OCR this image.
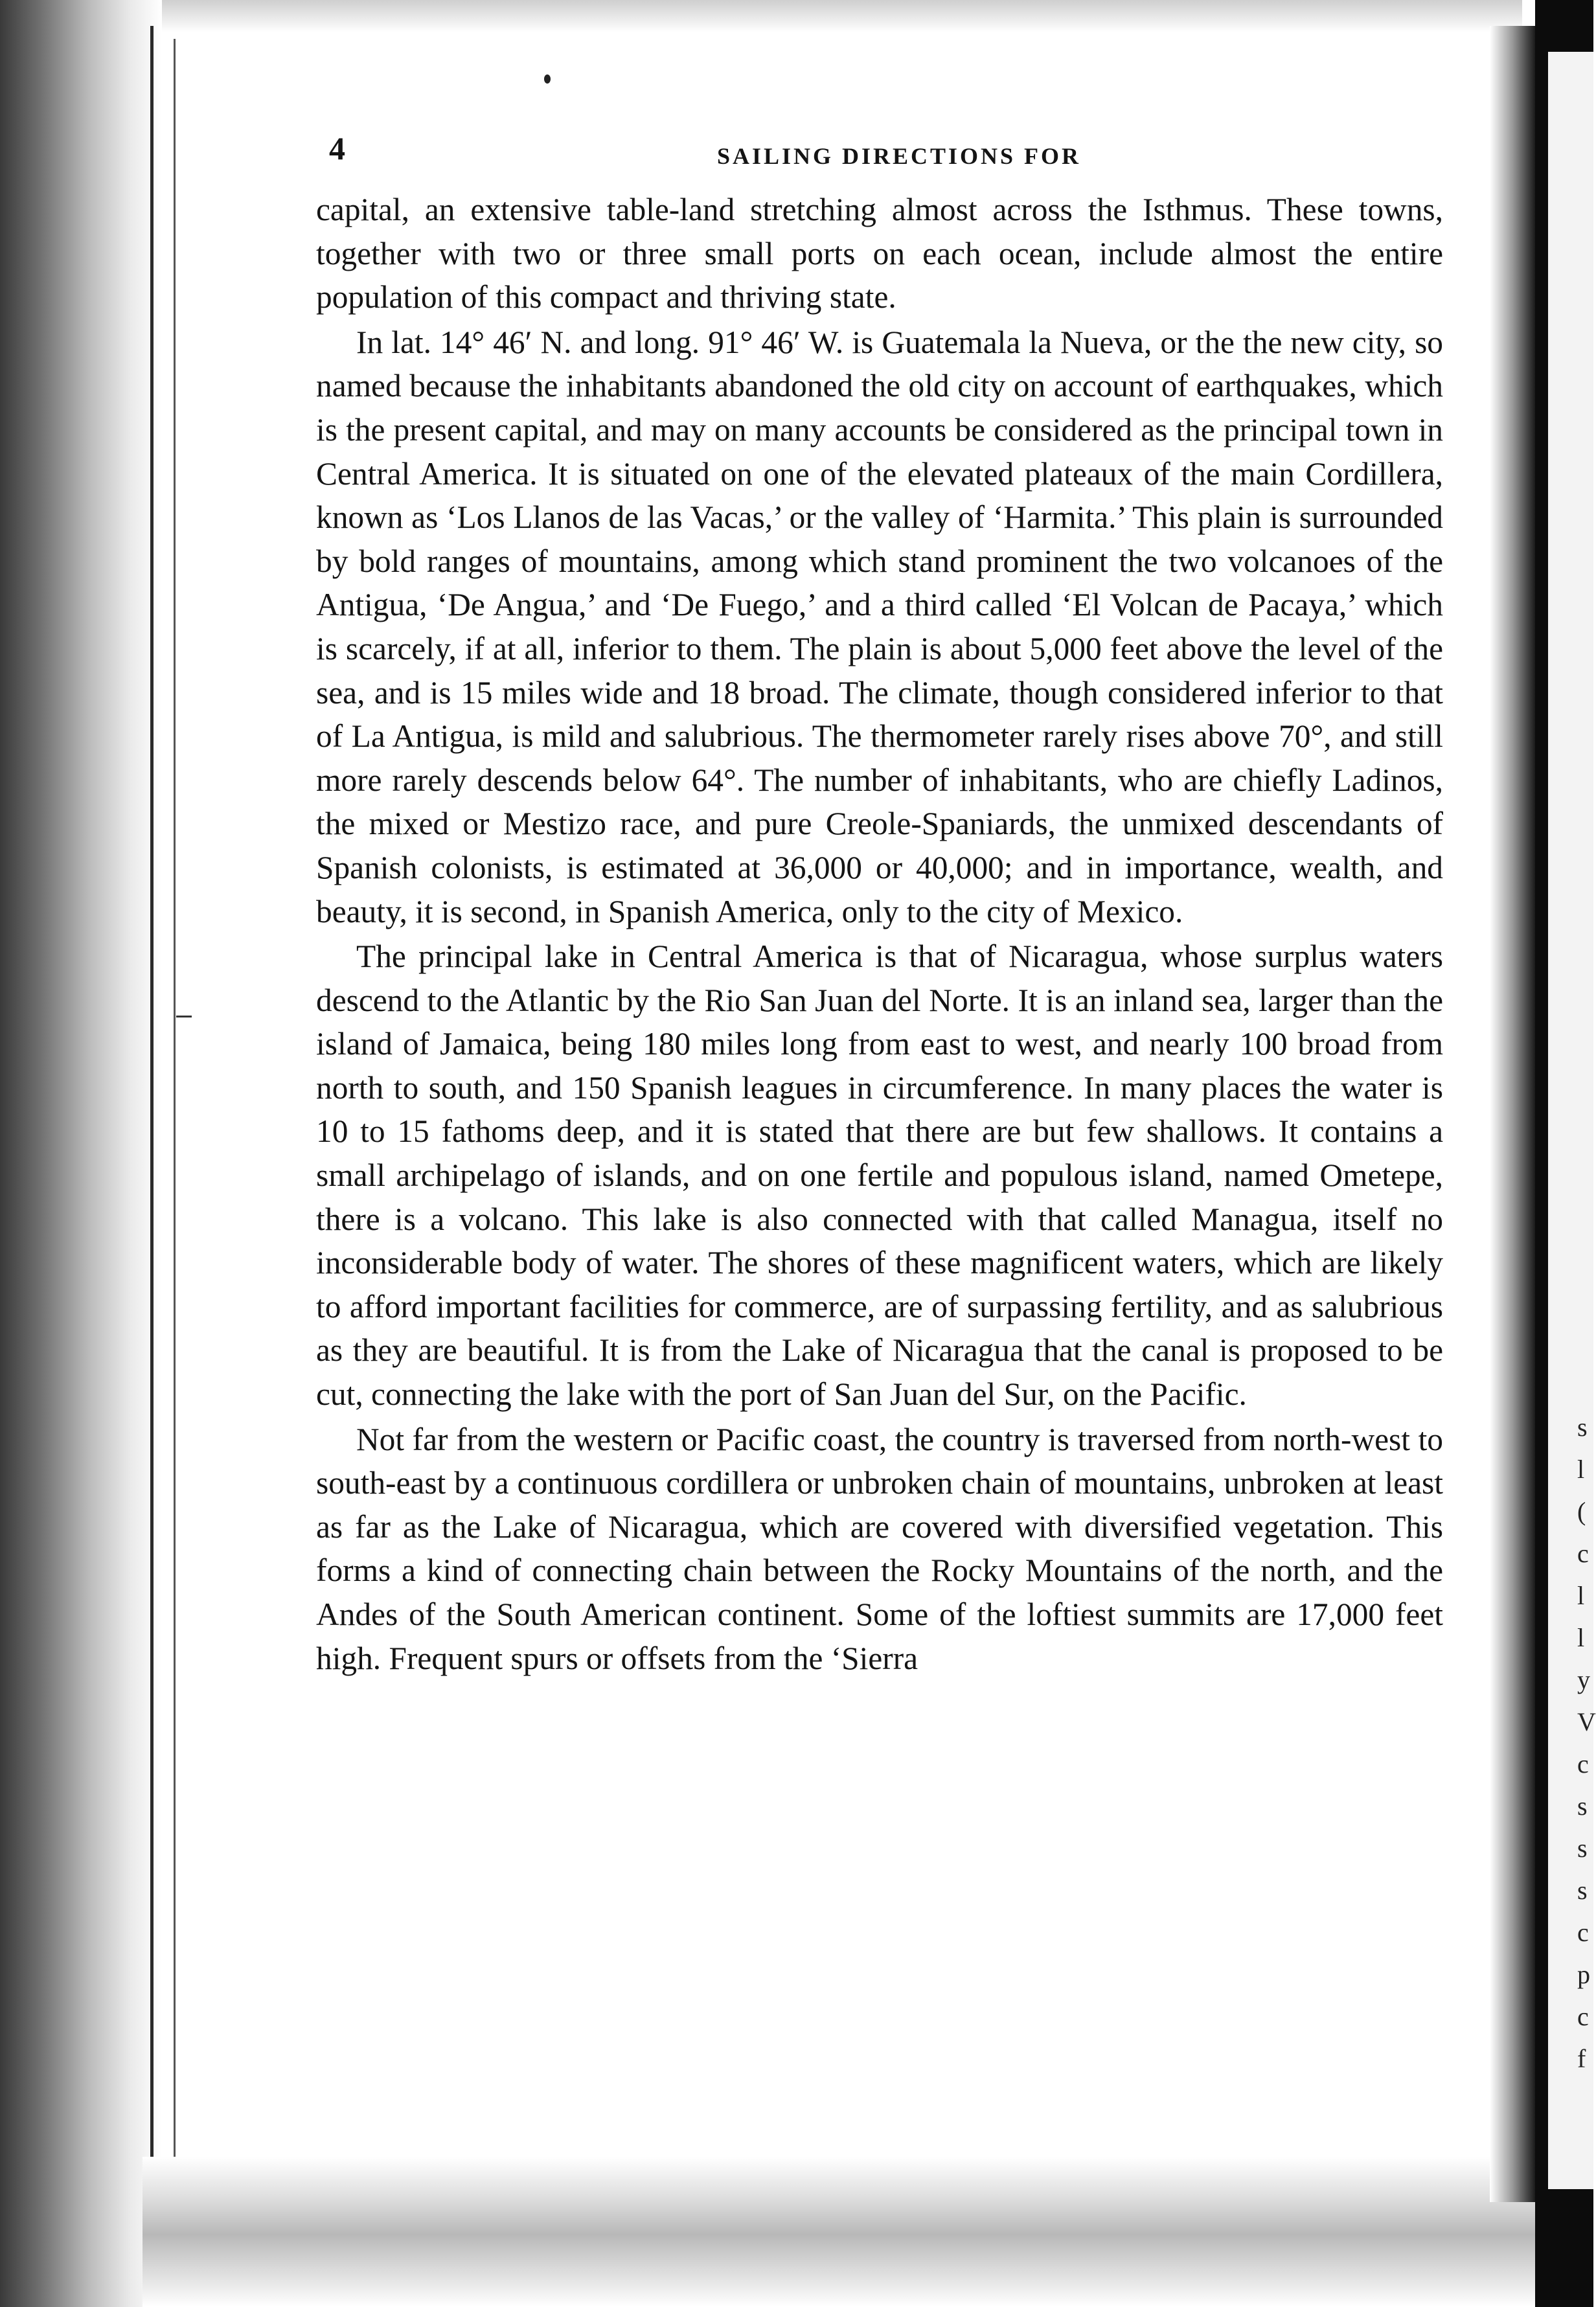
s
l
(
c
l
l
y
V
c
s
s
s
c
p
c
f
4	SAILING DIRECTIONS FOR

capital, an extensive table-land stretching almost across the Isthmus. These towns, together with two or three small ports on each ocean, include almost the entire population of this compact and thriving state.

In lat. 14° 46′ N. and long. 91° 46′ W. is Guatemala la Nueva, or the the new city, so named because the inhabitants abandoned the old city on account of earthquakes, which is the present capital, and may on many accounts be considered as the principal town in Central America. It is situated on one of the elevated plateaux of the main Cordillera, known as ‘Los Llanos de las Vacas,’ or the valley of ‘Harmita.’ This plain is surrounded by bold ranges of mountains, among which stand prominent the two volcanoes of the Antigua, ‘De Angua,’ and ‘De Fuego,’ and a third called ‘El Volcan de Pacaya,’ which is scarcely, if at all, inferior to them. The plain is about 5,000 feet above the level of the sea, and is 15 miles wide and 18 broad. The climate, though considered inferior to that of La Antigua, is mild and salubrious. The thermometer rarely rises above 70°, and still more rarely descends below 64°. The number of inhabitants, who are chiefly Ladinos, the mixed or Mestizo race, and pure Creole-Spaniards, the unmixed descendants of Spanish colonists, is estimated at 36,000 or 40,000; and in importance, wealth, and beauty, it is second, in Spanish America, only to the city of Mexico.

The principal lake in Central America is that of Nicaragua, whose surplus waters descend to the Atlantic by the Rio San Juan del Norte. It is an inland sea, larger than the island of Jamaica, being 180 miles long from east to west, and nearly 100 broad from north to south, and 150 Spanish leagues in circumference. In many places the water is 10 to 15 fathoms deep, and it is stated that there are but few shallows. It contains a small archipelago of islands, and on one fertile and populous island, named Ometepe, there is a volcano. This lake is also connected with that called Managua, itself no inconsiderable body of water. The shores of these magnificent waters, which are likely to afford important facilities for commerce, are of surpassing fertility, and as salubrious as they are beautiful. It is from the Lake of Nicaragua that the canal is proposed to be cut, connecting the lake with the port of San Juan del Sur, on the Pacific.

Not far from the western or Pacific coast, the country is traversed from north-west to south-east by a continuous cordillera or unbroken chain of mountains, unbroken at least as far as the Lake of Nicaragua, which are covered with diversified vegetation. This forms a kind of connecting chain between the Rocky Mountains of the north, and the Andes of the South American continent. Some of the loftiest summits are 17,000 feet high. Frequent spurs or offsets from the ‘Sierra
